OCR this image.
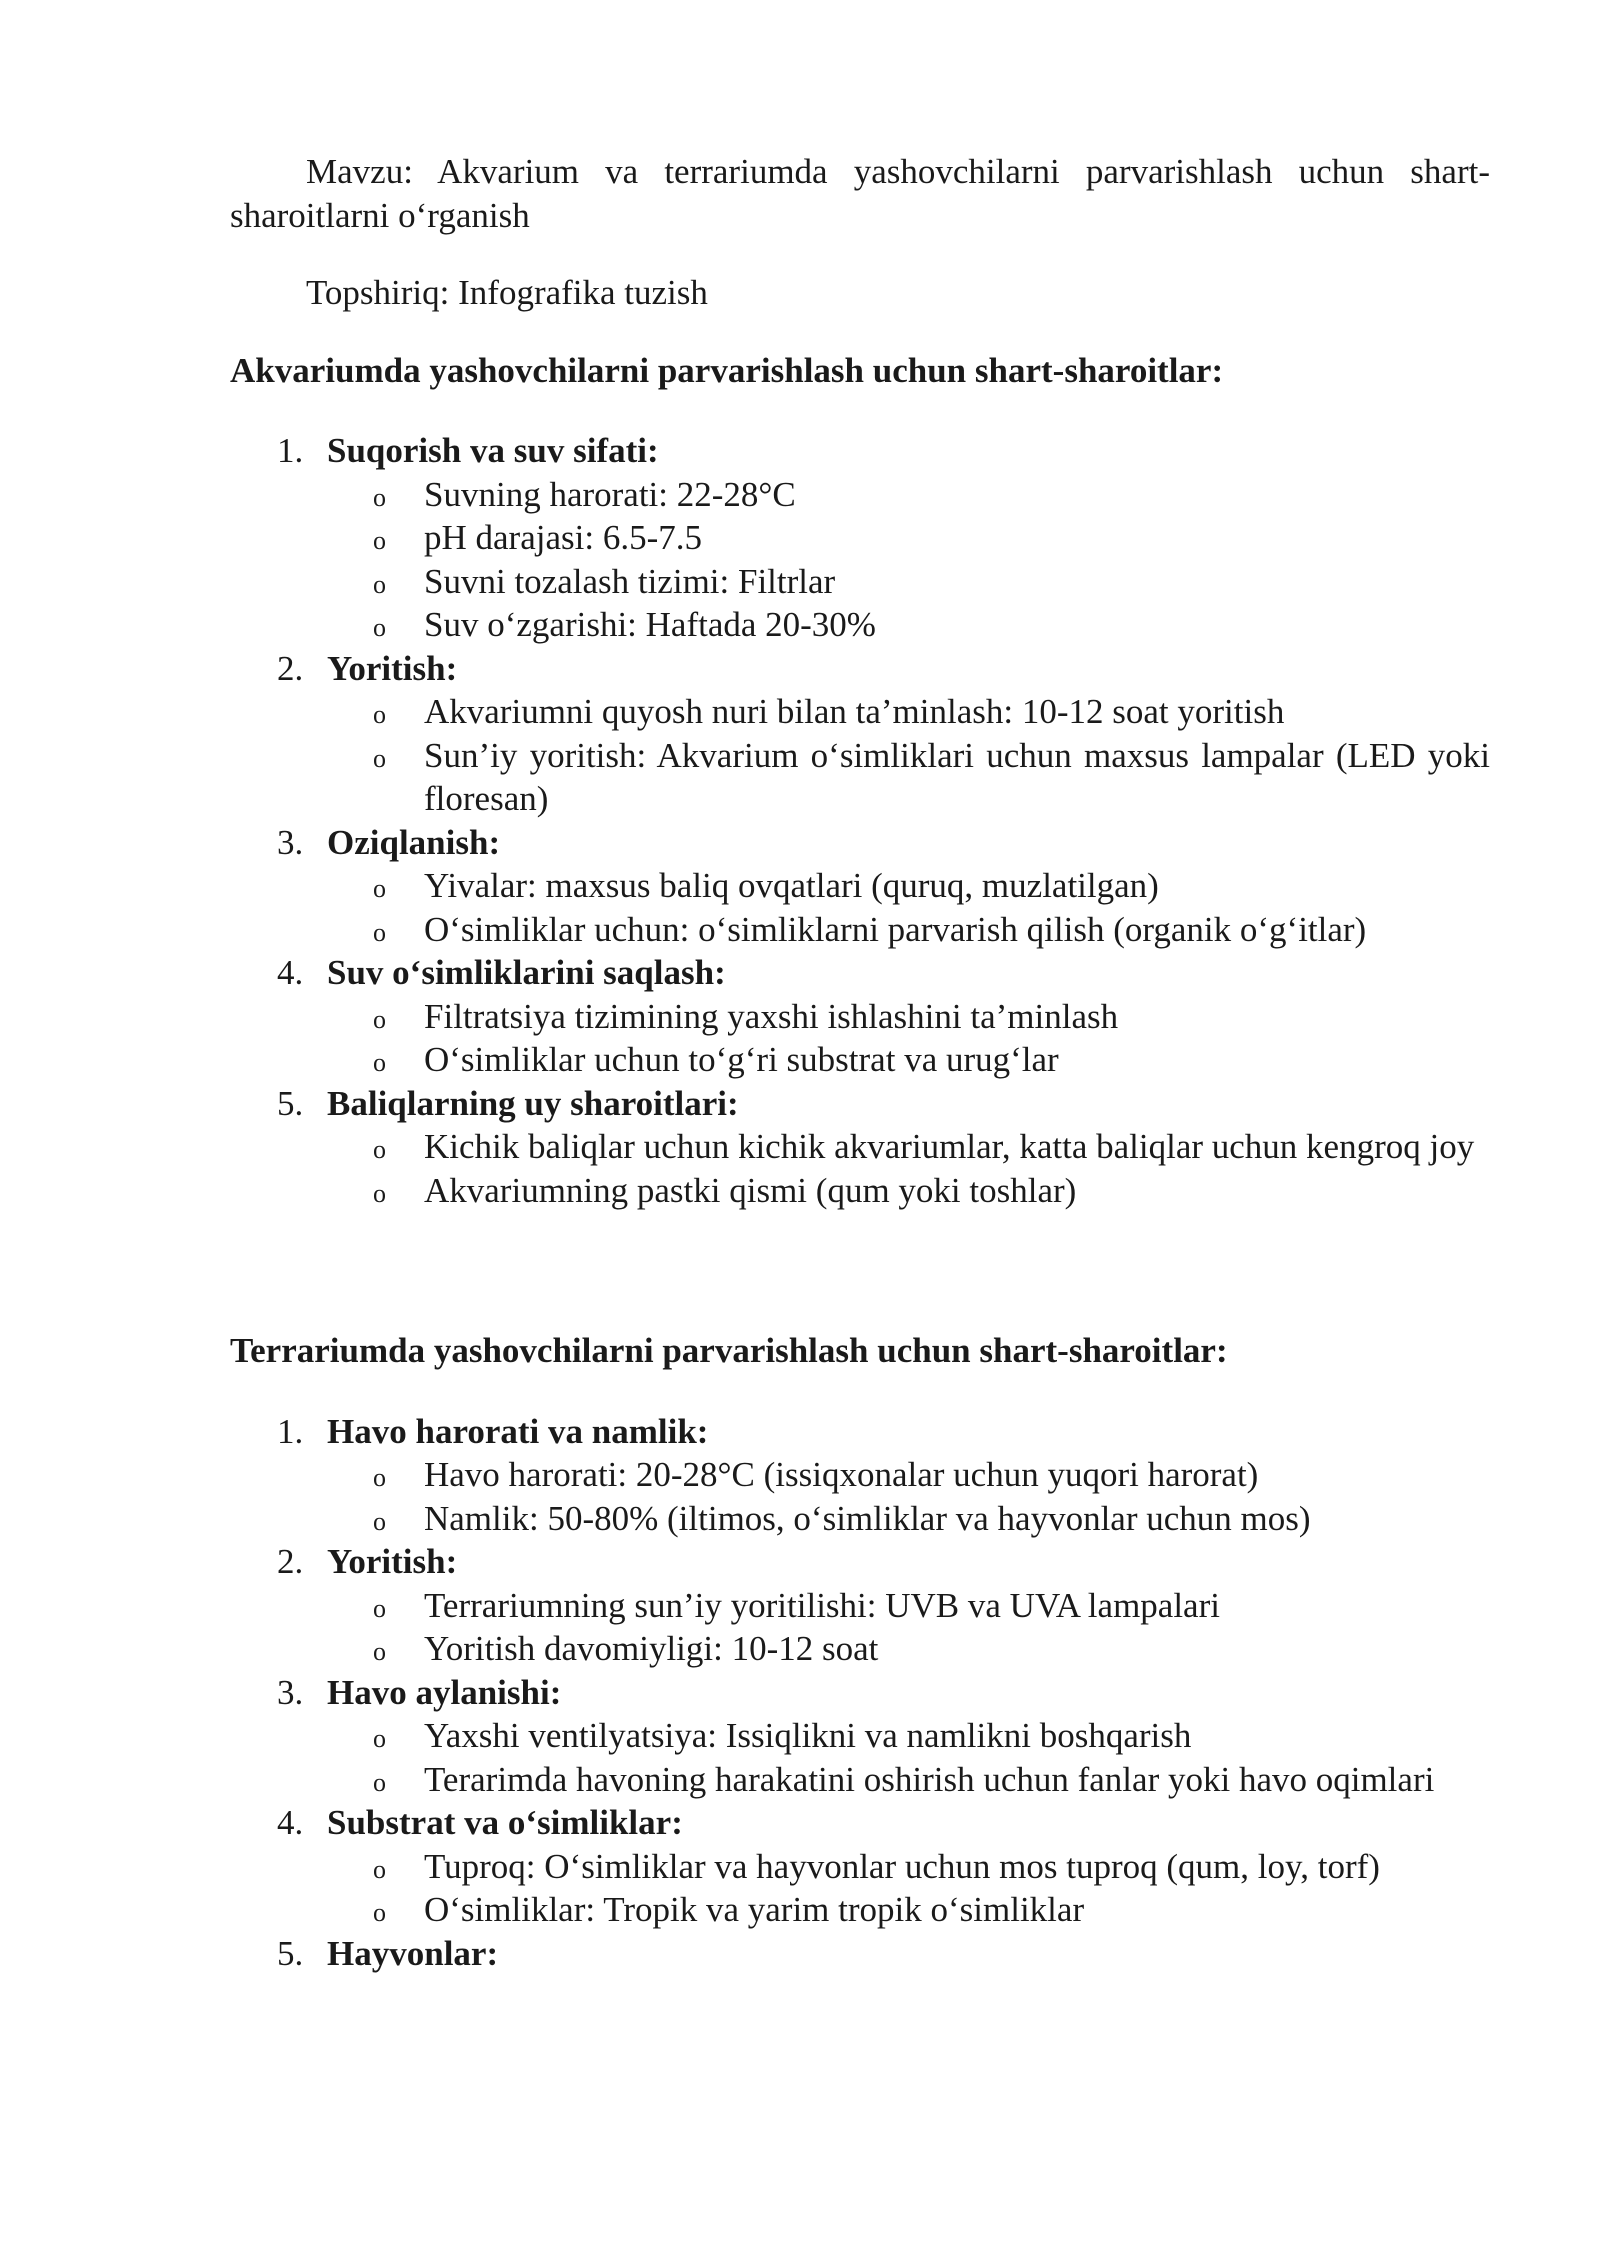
Mavzu: Akvarium va terrariumda yashovchilarni parvarishlash uchun shart-sharoitlarni o‘rganish

Topshiriq: Infografika tuzish

Akvariumda yashovchilarni parvarishlash uchun shart-sharoitlar:

1. Suqorish va suv sifati:
o Suvning harorati: 22-28°C
o pH darajasi: 6.5-7.5
o Suvni tozalash tizimi: Filtrlar
o Suv o‘zgarishi: Haftada 20-30%
2. Yoritish:
o Akvariumni quyosh nuri bilan ta’minlash: 10-12 soat yoritish
o Sun’iy yoritish: Akvarium o‘simliklari uchun maxsus lampalar (LED yoki floresan)
3. Oziqlanish:
o Yivalar: maxsus baliq ovqatlari (quruq, muzlatilgan)
o O‘simliklar uchun: o‘simliklarni parvarish qilish (organik o‘g‘itlar)
4. Suv o‘simliklarini saqlash:
o Filtratsiya tizimining yaxshi ishlashini ta’minlash
o O‘simliklar uchun to‘g‘ri substrat va urug‘lar
5. Baliqlarning uy sharoitlari:
o Kichik baliqlar uchun kichik akvariumlar, katta baliqlar uchun kengroq joy
o Akvariumning pastki qismi (qum yoki toshlar)

Terrariumda yashovchilarni parvarishlash uchun shart-sharoitlar:

1. Havo harorati va namlik:
o Havo harorati: 20-28°C (issiqxonalar uchun yuqori harorat)
o Namlik: 50-80% (iltimos, o‘simliklar va hayvonlar uchun mos)
2. Yoritish:
o Terrariumning sun’iy yoritilishi: UVB va UVA lampalari
o Yoritish davomiyligi: 10-12 soat
3. Havo aylanishi:
o Yaxshi ventilyatsiya: Issiqlikni va namlikni boshqarish
o Terarimda havoning harakatini oshirish uchun fanlar yoki havo oqimlari
4. Substrat va o‘simliklar:
o Tuproq: O‘simliklar va hayvonlar uchun mos tuproq (qum, loy, torf)
o O‘simliklar: Tropik va yarim tropik o‘simliklar
5. Hayvonlar:
